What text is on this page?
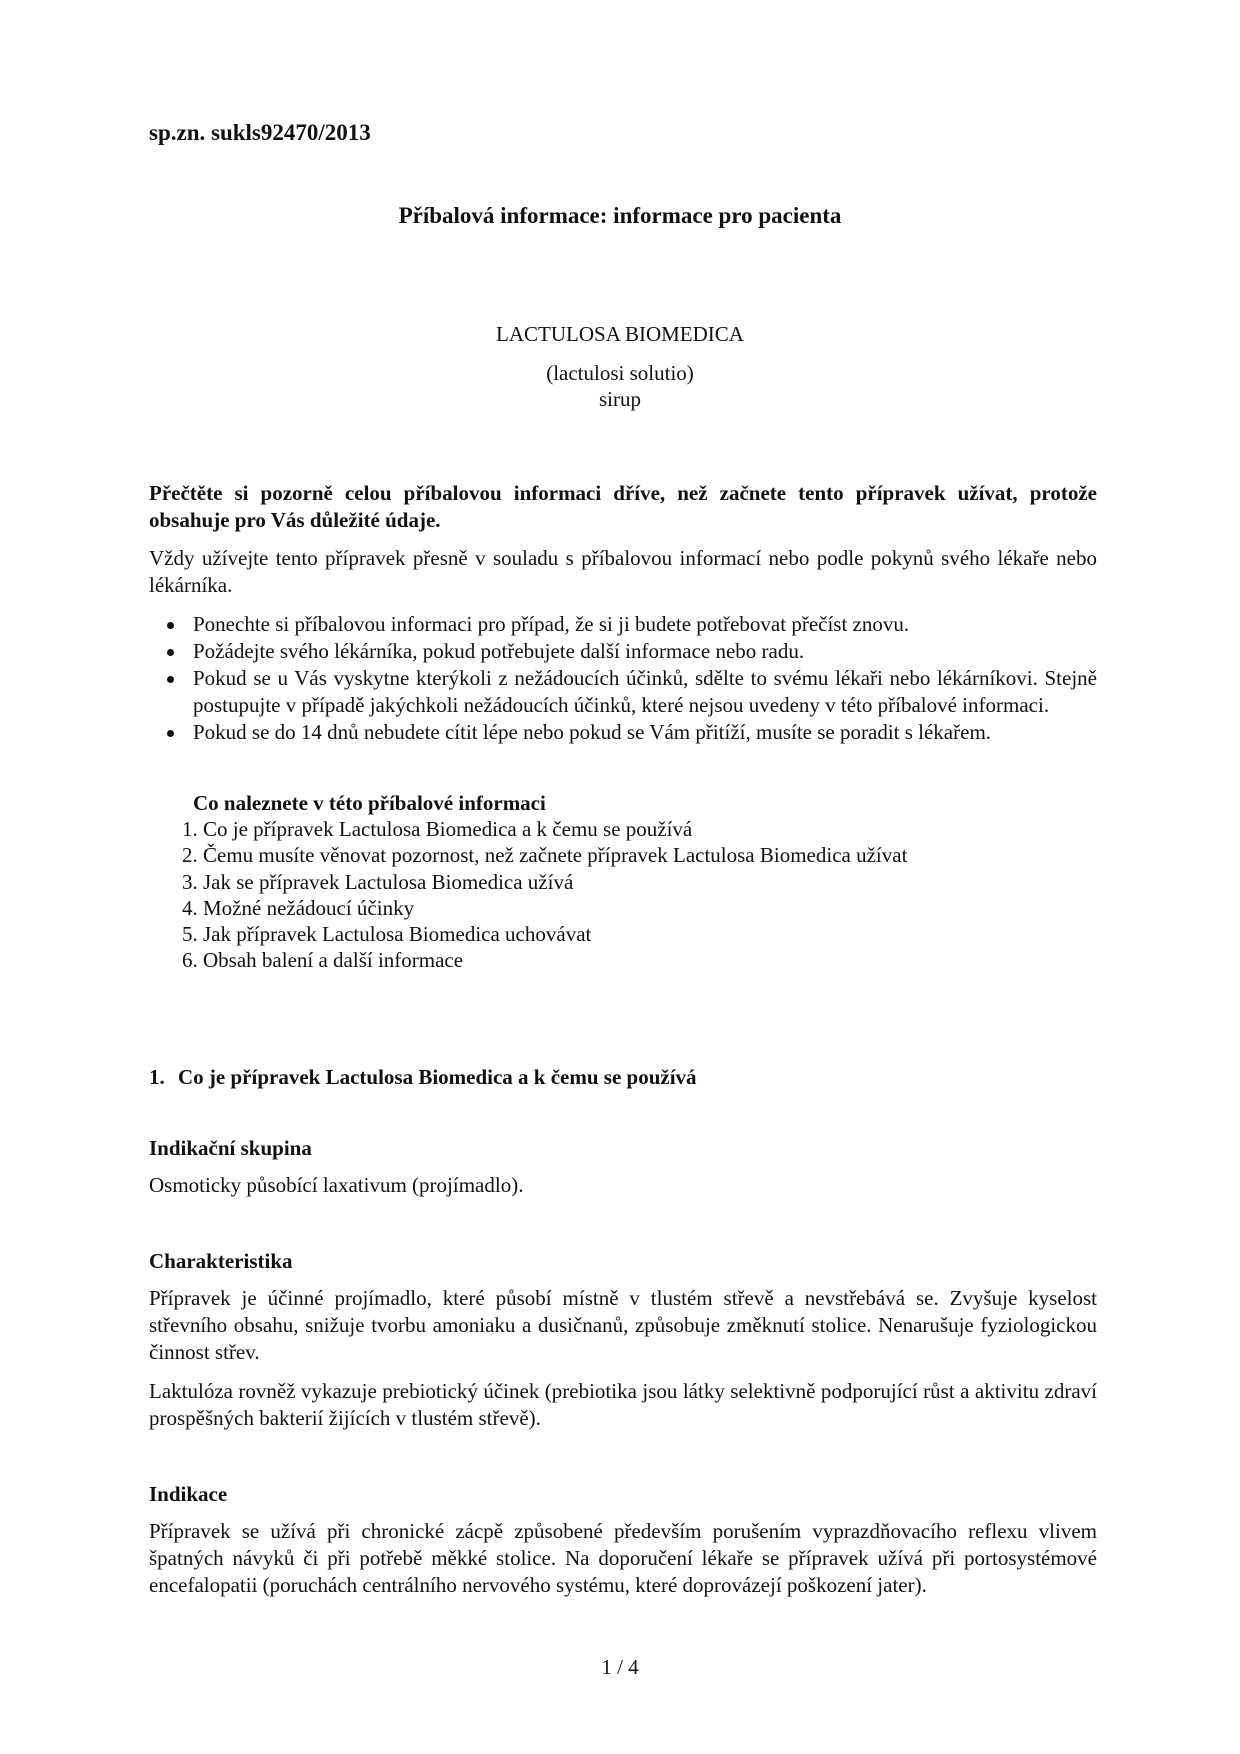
sp.zn. sukls92470/2013
Příbalová informace: informace pro pacienta
LACTULOSA BIOMEDICA
(lactulosi solutio)
sirup
Přečtěte si pozorně celou příbalovou informaci dříve, než začnete tento přípravek užívat, protože obsahuje pro Vás důležité údaje.
Vždy užívejte tento přípravek přesně v souladu s příbalovou informací nebo podle pokynů svého lékaře nebo lékárníka.
Ponechte si příbalovou informaci pro případ, že si ji budete potřebovat přečíst znovu.
Požádejte svého lékárníka, pokud potřebujete další informace nebo radu.
Pokud se u Vás vyskytne kterýkoli z nežádoucích účinků, sdělte to svému lékaři nebo lékárníkovi. Stejně postupujte v případě jakýchkoli nežádoucích účinků, které nejsou uvedeny v této příbalové informaci.
Pokud se do 14 dnů nebudete cítit lépe nebo pokud se Vám přitíží, musíte se poradit s lékařem.
Co naleznete v této příbalové informaci
1. Co je přípravek Lactulosa Biomedica a k čemu se používá
2. Čemu musíte věnovat pozornost, než začnete přípravek Lactulosa Biomedica užívat
3. Jak se přípravek Lactulosa Biomedica užívá
4. Možné nežádoucí účinky
5. Jak přípravek Lactulosa Biomedica uchovávat
6. Obsah balení a další informace
1. Co je přípravek Lactulosa Biomedica a k čemu se používá
Indikační skupina
Osmoticky působící laxativum (projímadlo).
Charakteristika
Přípravek je účinné projímadlo, které působí místně v tlustém střevě a nevstřebává se. Zvyšuje kyselost střevního obsahu, snižuje tvorbu amoniaku a dusičnanů, způsobuje změknutí stolice. Nenarušuje fyziologickou činnost střev.
Laktulóza rovněž vykazuje prebiotický účinek (prebiotika jsou látky selektivně podporující růst a aktivitu zdraví prospěšných bakterií žijících v tlustém střevě).
Indikace
Přípravek se užívá při chronické zácpě způsobené především porušením vyprazdňovacího reflexu vlivem špatných návyků či při potřebě měkké stolice. Na doporučení lékaře se přípravek užívá při portosystémové encefalopatii (poruchách centrálního nervového systému, které doprovázejí poškození jater).
1 / 4
